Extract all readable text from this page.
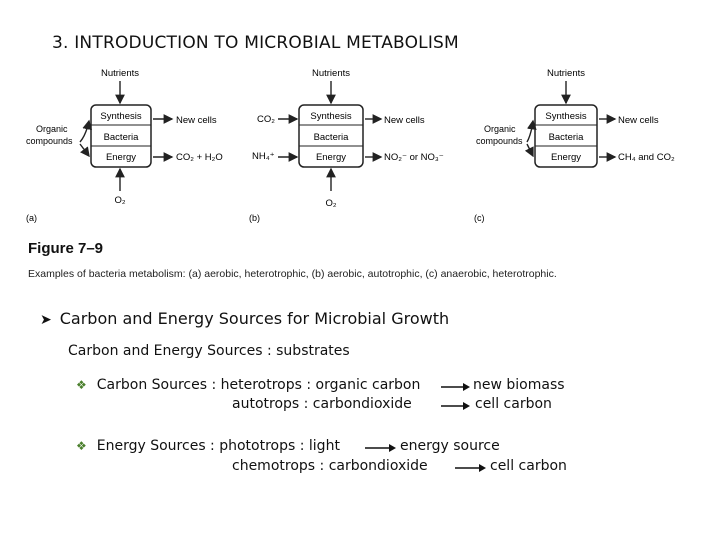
3. INTRODUCTION TO MICROBIAL METABOLISM
Nutrients
Synthesis
Bacteria
Energy
Organic
compounds
New cells
CO₂ + H₂O
O₂
(a)
Nutrients
Synthesis
Bacteria
Energy
CO₂
NH₄⁺
New cells
NO₂⁻ or NO₃⁻
O₂
(b)
Nutrients
Synthesis
Bacteria
Energy
Organic
compounds
New cells
CH₄ and CO₂
(c)
Figure 7–9
Examples of bacteria metabolism: (a) aerobic, heterotrophic, (b) aerobic, autotrophic, (c) anaerobic, heterotrophic.
➤ Carbon and Energy Sources for Microbial Growth
Carbon and Energy Sources : substrates
❖ Carbon Sources : heterotrops : organic carbon	new biomass
autotrops : carbondioxide	cell carbon
❖ Energy Sources : phototrops : light	energy source
chemotrops : carbondioxide	cell carbon
